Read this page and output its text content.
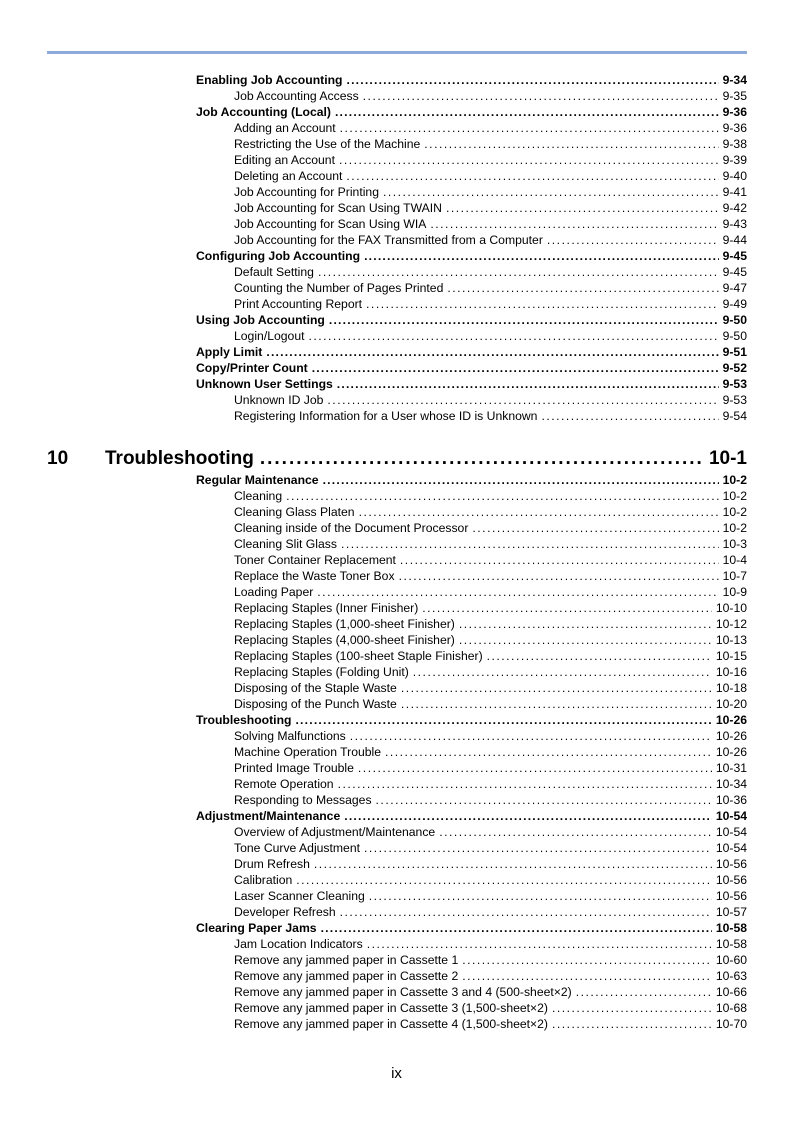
Enabling Job Accounting .....	9-34
Job Accounting Access .....	9-35
Job Accounting (Local) .....	9-36
Adding an Account .....	9-36
Restricting the Use of the Machine .....	9-38
Editing an Account .....	9-39
Deleting an Account .....	9-40
Job Accounting for Printing .....	9-41
Job Accounting for Scan Using TWAIN .....	9-42
Job Accounting for Scan Using WIA .....	9-43
Job Accounting for the FAX Transmitted from a Computer .....	9-44
Configuring Job Accounting .....	9-45
Default Setting .....	9-45
Counting the Number of Pages Printed .....	9-47
Print Accounting Report .....	9-49
Using Job Accounting .....	9-50
Login/Logout .....	9-50
Apply Limit .....	9-51
Copy/Printer Count .....	9-52
Unknown User Settings .....	9-53
Unknown ID Job .....	9-53
Registering Information for a User whose ID is Unknown .....	9-54
10	Troubleshooting .....	10-1
Regular Maintenance .....	10-2
Cleaning .....	10-2
Cleaning Glass Platen .....	10-2
Cleaning inside of the Document Processor .....	10-2
Cleaning Slit Glass .....	10-3
Toner Container Replacement .....	10-4
Replace the Waste Toner Box .....	10-7
Loading Paper .....	10-9
Replacing Staples (Inner Finisher) .....	10-10
Replacing Staples (1,000-sheet Finisher) .....	10-12
Replacing Staples (4,000-sheet Finisher) .....	10-13
Replacing Staples (100-sheet Staple Finisher) .....	10-15
Replacing Staples (Folding Unit) .....	10-16
Disposing of the Staple Waste .....	10-18
Disposing of the Punch Waste .....	10-20
Troubleshooting .....	10-26
Solving Malfunctions .....	10-26
Machine Operation Trouble .....	10-26
Printed Image Trouble .....	10-31
Remote Operation .....	10-34
Responding to Messages .....	10-36
Adjustment/Maintenance .....	10-54
Overview of Adjustment/Maintenance .....	10-54
Tone Curve Adjustment .....	10-54
Drum Refresh .....	10-56
Calibration .....	10-56
Laser Scanner Cleaning .....	10-56
Developer Refresh .....	10-57
Clearing Paper Jams .....	10-58
Jam Location Indicators .....	10-58
Remove any jammed paper in Cassette 1 .....	10-60
Remove any jammed paper in Cassette 2 .....	10-63
Remove any jammed paper in Cassette 3 and 4 (500-sheet×2) .....	10-66
Remove any jammed paper in Cassette 3 (1,500-sheet×2) .....	10-68
Remove any jammed paper in Cassette 4 (1,500-sheet×2) .....	10-70
ix
